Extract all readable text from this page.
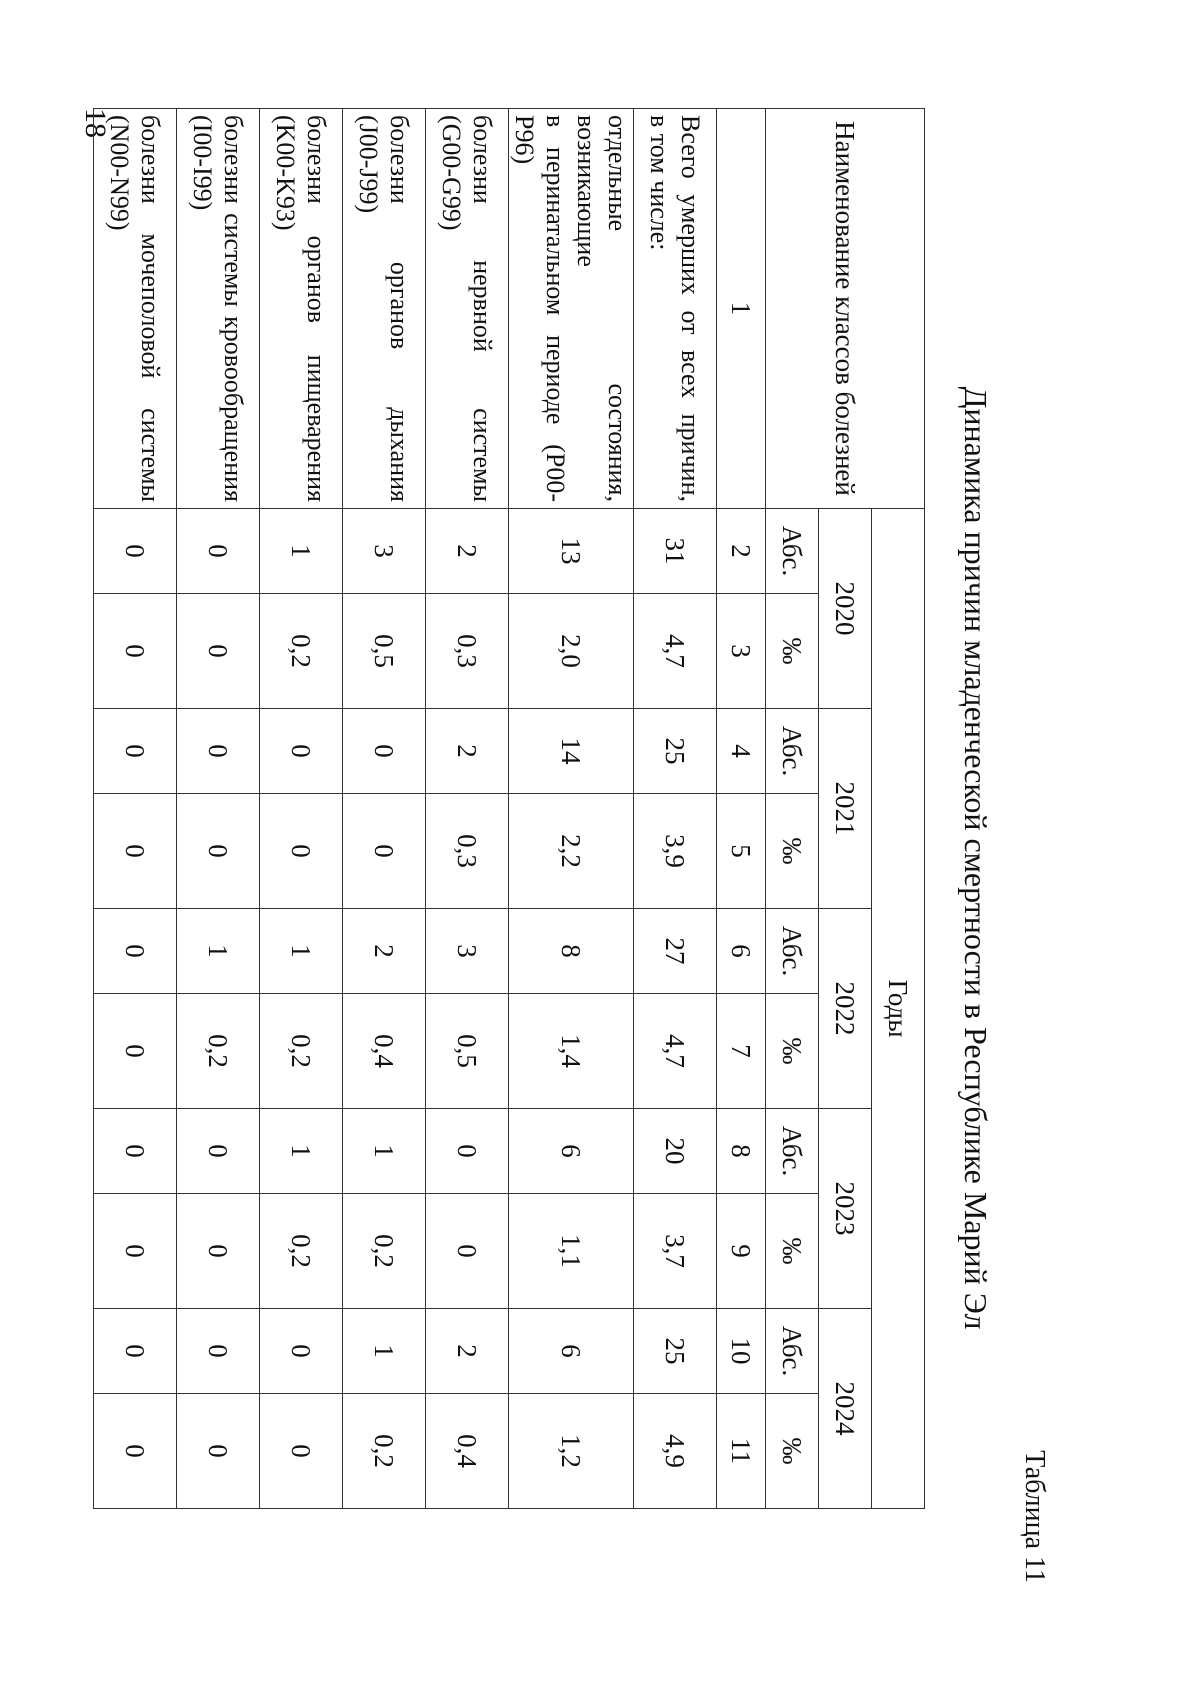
18
Таблица 11
Динамика причин младенческой смертности в Республике Марий Эл
Наименование классов болезней	Годы									
	2020		2021		2022		2023		2024	
	Абс.	‰	Абс.	‰	Абс.	‰	Абс.	‰	Абс.	‰
1	2	3	4	5	6	7	8	9	10	11

Всего умерших от всех причин,
в том числе:	31	4,7	25	3,9	27	4,7	20	3,7	25	4,9

отдельные состояния, возникающие
в перинатальном периоде (P00-P96)	13	2,0	14	2,2	8	1,4	6	1,1	6	1,2

болезни нервной системы
(G00-G99)	2	0,3	2	0,3	3	0,5	0	0	2	0,4

болезни органов дыхания
(J00-J99)	3	0,5	0	0	2	0,4	1	0,2	1	0,2

болезни органов пищеварения
(K00-K93)	1	0,2	0	0	1	0,2	1	0,2	0	0

болезни системы кровообращения
(I00-I99)	0	0	0	0	1	0,2	0	0	0	0

болезни мочеполовой системы
(N00-N99)	0	0	0	0	0	0	0	0	0	0
